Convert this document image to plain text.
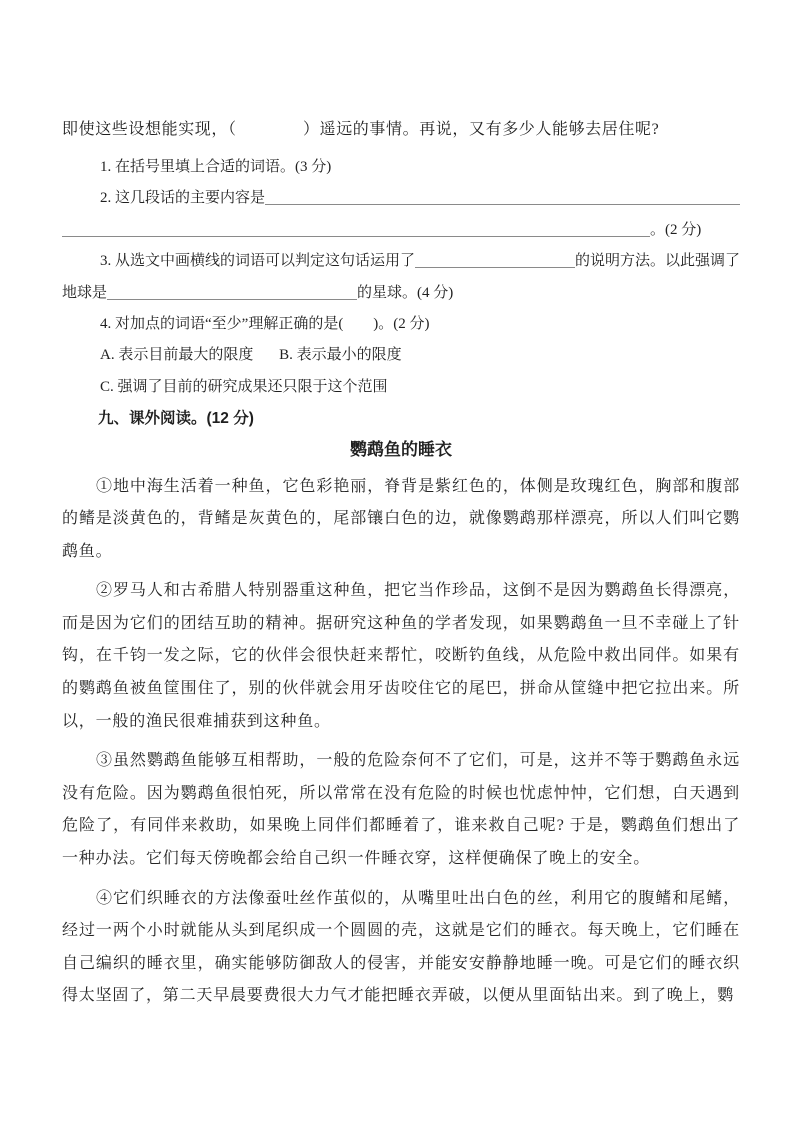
即使这些设想能实现，（　　　　）遥远的事情。再说，又有多少人能够去居住呢?
1. 在括号里填上合适的词语。(3 分)
2. 这几段话的主要内容是
。(2 分)
3. 从选文中画横线的词语可以判定这句话运用了	的说明方法。以此强调了
地球是	的星球。(4 分)
4. 对加点的词语“至少”理解正确的是(　　)。(2 分)
A. 表示目前最大的限度 B. 表示最小的限度
C. 强调了目前的研究成果还只限于这个范围
九、课外阅读。(12 分)
鹦鹉鱼的睡衣
①地中海生活着一种鱼，它色彩艳丽，脊背是紫红色的，体侧是玫瑰红色，胸部和腹部的鳍是淡黄色的，背鳍是灰黄色的，尾部镶白色的边，就像鹦鹉那样漂亮，所以人们叫它鹦鹉鱼。
②罗马人和古希腊人特别器重这种鱼，把它当作珍品，这倒不是因为鹦鹉鱼长得漂亮，而是因为它们的团结互助的精神。据研究这种鱼的学者发现，如果鹦鹉鱼一旦不幸碰上了针钩，在千钧一发之际，它的伙伴会很快赶来帮忙，咬断钓鱼线，从危险中救出同伴。如果有的鹦鹉鱼被鱼筐围住了，别的伙伴就会用牙齿咬住它的尾巴，拼命从筐缝中把它拉出来。所以，一般的渔民很难捕获到这种鱼。
③虽然鹦鹉鱼能够互相帮助，一般的危险奈何不了它们，可是，这并不等于鹦鹉鱼永远没有危险。因为鹦鹉鱼很怕死，所以常常在没有危险的时候也忧虑忡忡，它们想，白天遇到危险了，有同伴来救助，如果晚上同伴们都睡着了，谁来救自己呢? 于是，鹦鹉鱼们想出了一种办法。它们每天傍晚都会给自己织一件睡衣穿，这样便确保了晚上的安全。
④它们织睡衣的方法像蚕吐丝作茧似的，从嘴里吐出白色的丝，利用它的腹鳍和尾鳍，经过一两个小时就能从头到尾织成一个圆圆的壳，这就是它们的睡衣。每天晚上，它们睡在自己编织的睡衣里，确实能够防御敌人的侵害，并能安安静静地睡一晚。可是它们的睡衣织得太坚固了，第二天早晨要费很大力气才能把睡衣弄破，以便从里面钻出来。到了晚上，鹦
